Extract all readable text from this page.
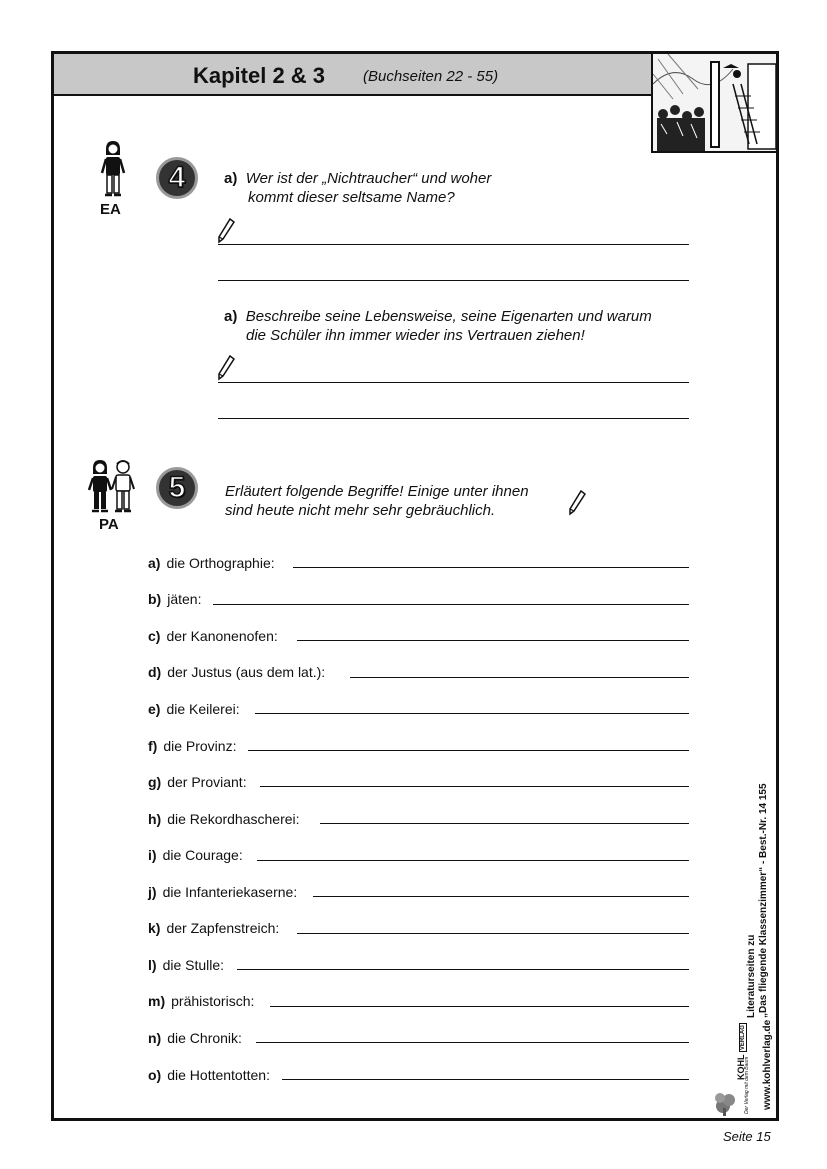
Kapitel 2 & 3	(Buchseiten 22 - 55)
EA
4	a) Wer ist der „Nichtraucher“ und woher
kommt dieser seltsame Name?
a) Beschreibe seine Lebensweise, seine Eigenarten und warum
die Schüler ihn immer wieder ins Vertrauen ziehen!
PA
5	Erläutert folgende Begriffe! Einige unter ihnen
sind heute nicht mehr sehr gebräuchlich.
a) die Orthographie:
b) jäten:
c) der Kanonenofen:
d) der Justus (aus dem lat.):
e) die Keilerei:
f) die Provinz:
g) der Proviant:
h) die Rekordhascherei:
i) die Courage:
j) die Infanteriekaserne:
k) der Zapfenstreich:
l) die Stulle:
m) prähistorisch:
n) die Chronik:
o) die Hottentotten:	www.kohlverlag.de
Literaturseiten zu „Das fliegende Klassenzimmer“ - Best.-Nr. 14 155
KOHL VERLAG
Der Verlag mit dem Baum
Seite 15
